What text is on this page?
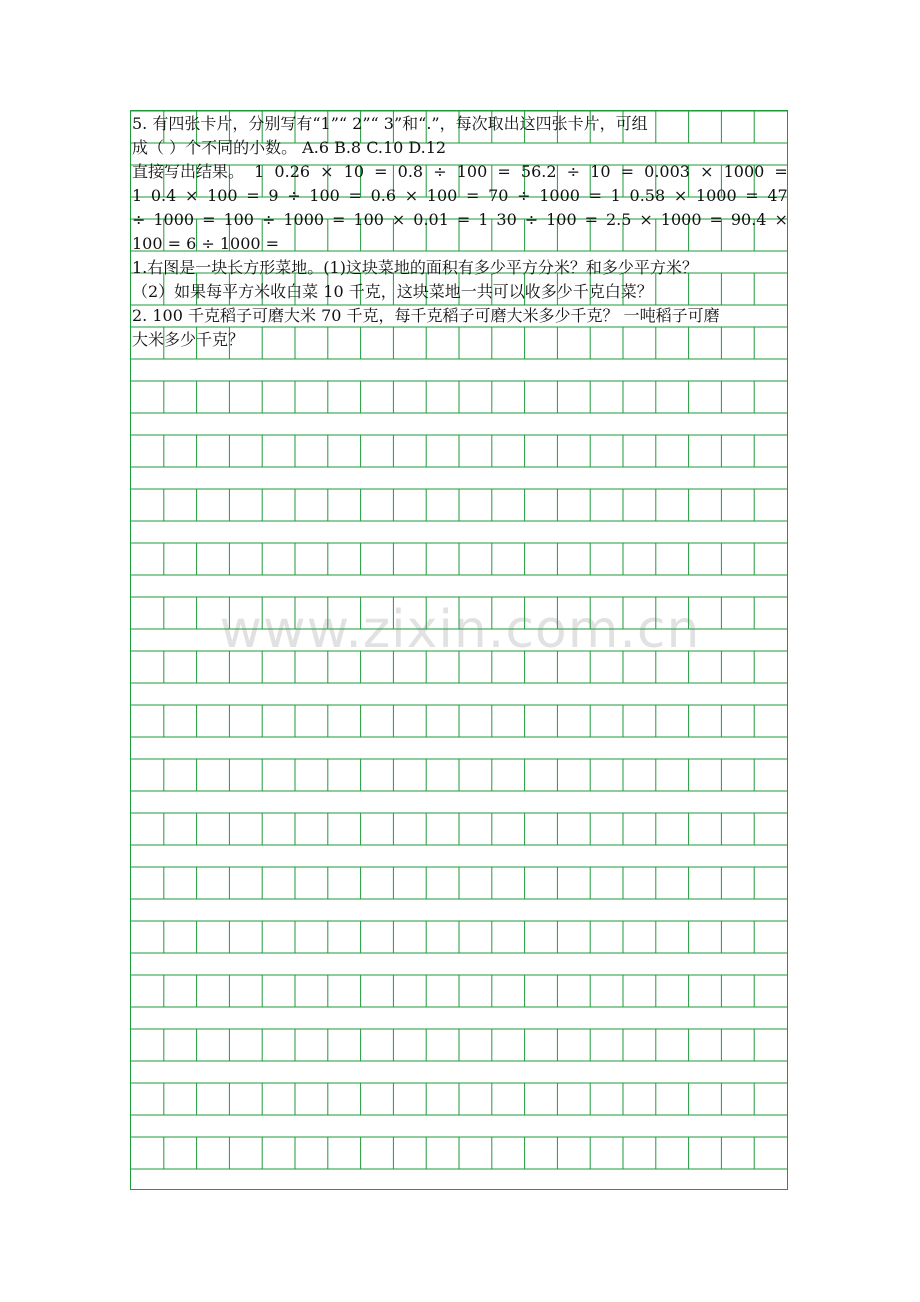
5. 有四张卡片，分别写有“1”“ 2”“ 3”和“.”，每次取出这四张卡片，可组
成（ ）个不同的小数。 A.6 B.8 C.10 D.12
直接写出结果。 1 0.26 × 10 = 0.8 ÷ 100 = 56.2 ÷ 10 = 0.003 × 1000 =
1 0.4 × 100 = 9 ÷ 100 = 0.6 × 100 = 70 ÷ 1000 = 1 0.58 × 1000 = 47
÷ 1000 = 100 ÷ 1000 = 100 × 0.01 = 1 30 ÷ 100 = 2.5 × 1000 = 90.4 ×
100 = 6 ÷ 1000 =
1.右图是一块长方形菜地。(1)这块菜地的面积有多少平方分米？和多少平方米？
（2）如果每平方米收白菜 10 千克，这块菜地一共可以收多少千克白菜？
2. 100 千克稻子可磨大米 70 千克，每千克稻子可磨大米多少千克？ 一吨稻子可磨
大米多少千克？
www.zixin.com.cn
